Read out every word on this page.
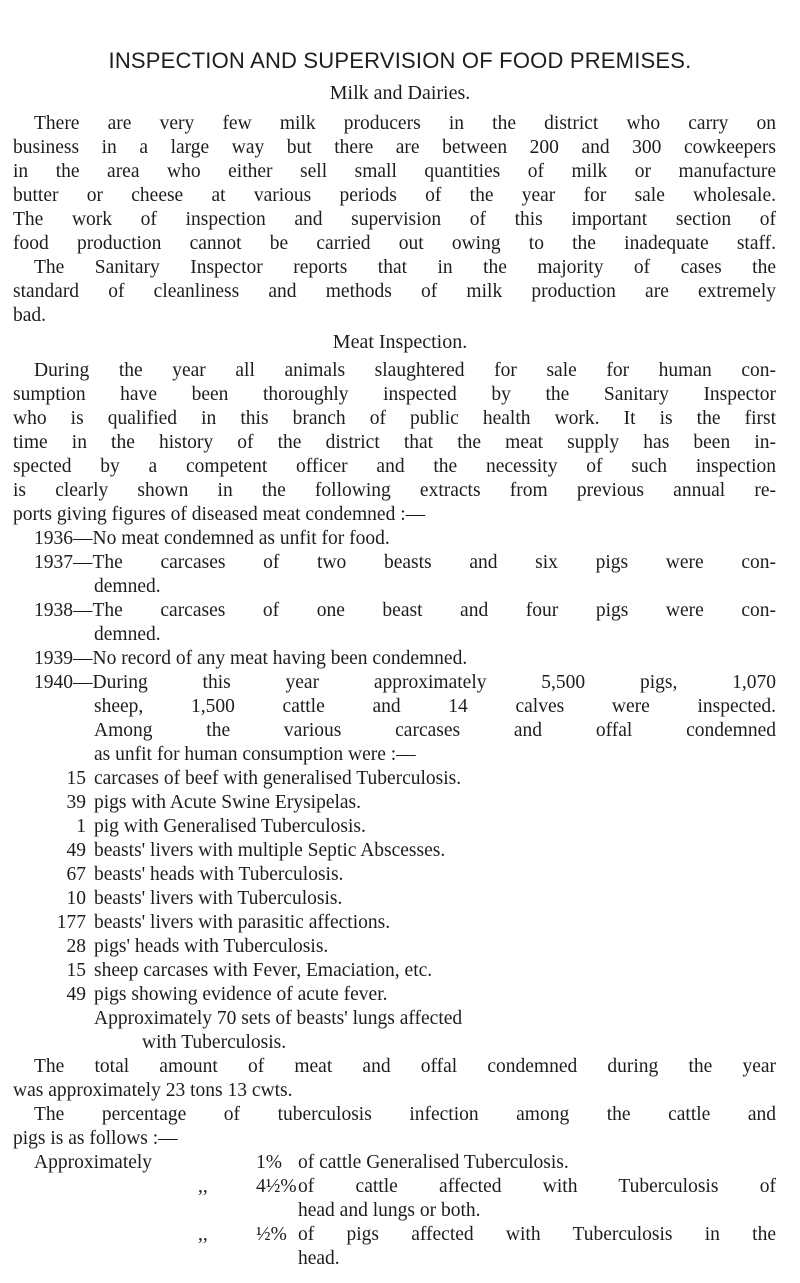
INSPECTION AND SUPERVISION OF FOOD PREMISES.
Milk and Dairies.
There are very few milk producers in the district who carry on
business in a large way but there are between 200 and 300 cowkeepers
in the area who either sell small quantities of milk or manufacture
butter or cheese at various periods of the year for sale wholesale.
The work of inspection and supervision of this important section of
food production cannot be carried out owing to the inadequate staff.
The Sanitary Inspector reports that in the majority of cases the
standard of cleanliness and methods of milk production are extremely
bad.
Meat Inspection.
During the year all animals slaughtered for sale for human con-
sumption have been thoroughly inspected by the Sanitary Inspector
who is qualified in this branch of public health work. It is the first
time in the history of the district that the meat supply has been in-
spected by a competent officer and the necessity of such inspection
is clearly shown in the following extracts from previous annual re-
ports giving figures of diseased meat condemned :—
1936—No meat condemned as unfit for food.
1937—The carcases of two beasts and six pigs were con-
demned.
1938—The carcases of one beast and four pigs were con-
demned.
1939—No record of any meat having been condemned.
1940—During this year approximately 5,500 pigs, 1,070
sheep, 1,500 cattle and 14 calves were inspected.
Among the various carcases and offal condemned
as unfit for human consumption were :—
15 carcases of beef with generalised Tuberculosis.
39 pigs with Acute Swine Erysipelas.
1 pig with Generalised Tuberculosis.
49 beasts' livers with multiple Septic Abscesses.
67 beasts' heads with Tuberculosis.
10 beasts' livers with Tuberculosis.
177 beasts' livers with parasitic affections.
28 pigs' heads with Tuberculosis.
15 sheep carcases with Fever, Emaciation, etc.
49 pigs showing evidence of acute fever.
Approximately 70 sets of beasts' lungs affected
with Tuberculosis.
The total amount of meat and offal condemned during the year
was approximately 23 tons 13 cwts.
The percentage of tuberculosis infection among the cattle and
pigs is as follows :—
Approximately	1% of cattle Generalised Tuberculosis.
,, 4½% of cattle affected with Tuberculosis of
head and lungs or both.
,, ½% of pigs affected with Tuberculosis in the
head.
